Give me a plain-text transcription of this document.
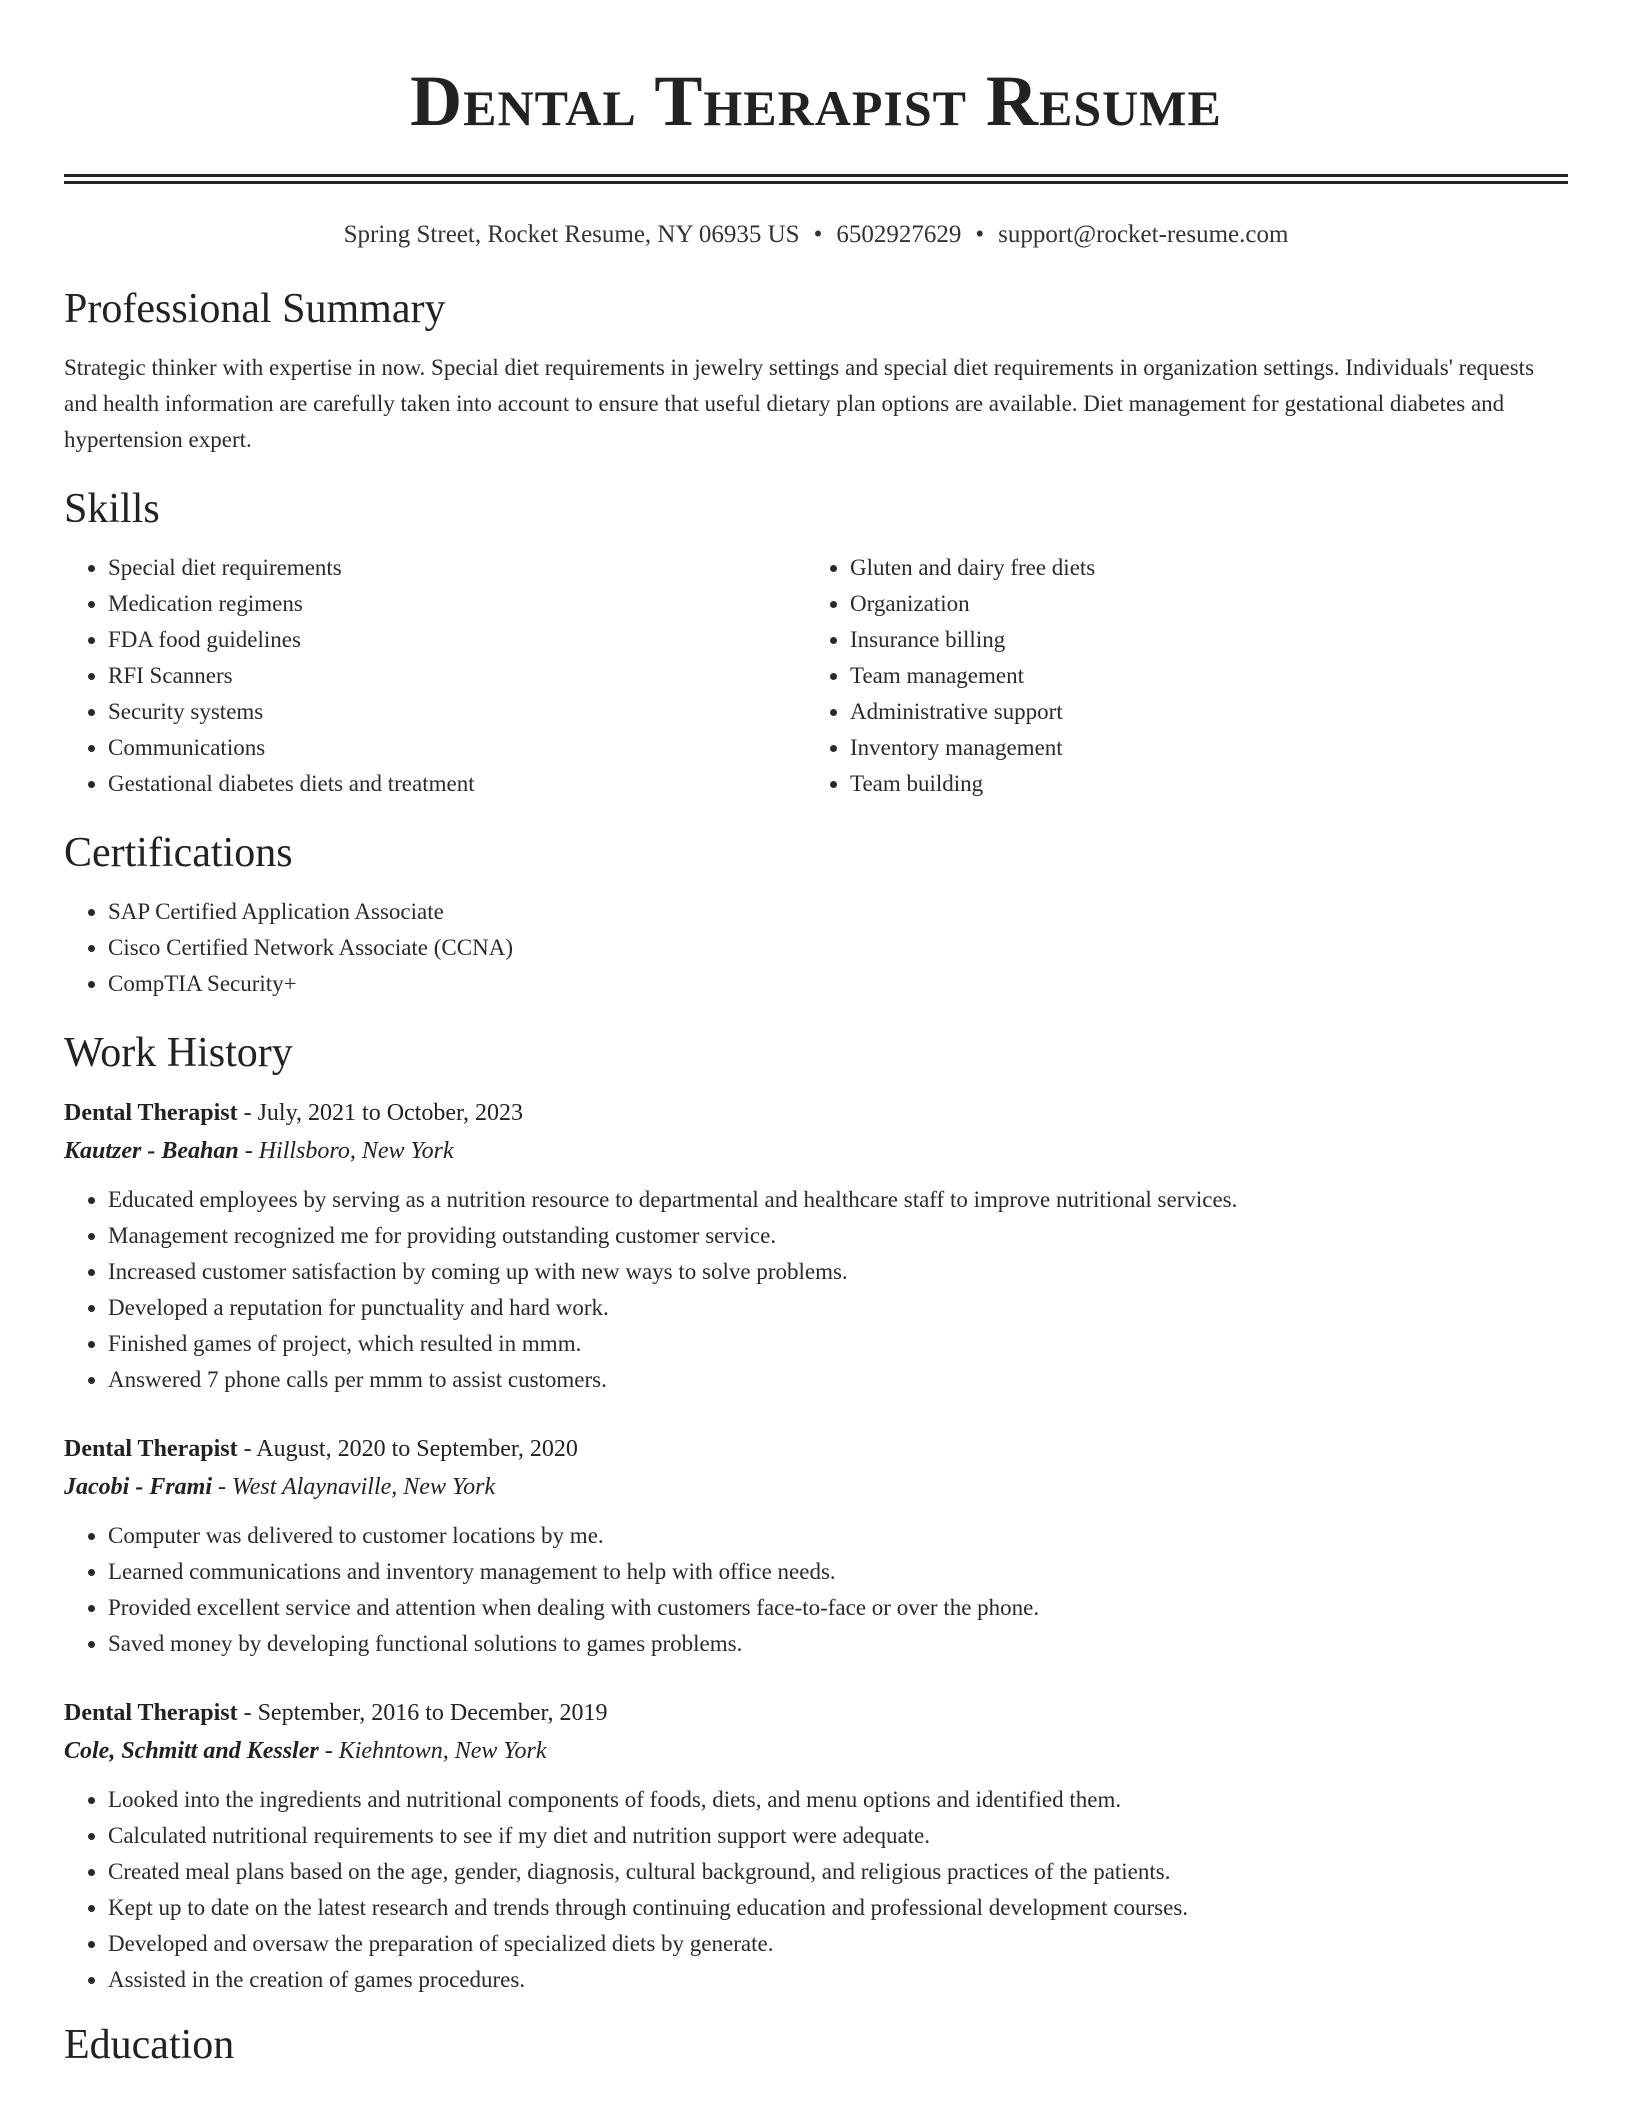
Dental Therapist Resume
Spring Street, Rocket Resume, NY 06935 US • 6502927629 • support@rocket-resume.com
Professional Summary

Strategic thinker with expertise in now. Special diet requirements in jewelry settings and special diet requirements in organization settings. Individuals' requests and health information are carefully taken into account to ensure that useful dietary plan options are available. Diet management for gestational diabetes and hypertension expert.

Skills
• Special diet requirements
• Medication regimens
• FDA food guidelines
• RFI Scanners
• Security systems
• Communications
• Gestational diabetes diets and treatment
• Gluten and dairy free diets
• Organization
• Insurance billing
• Team management
• Administrative support
• Inventory management
• Team building
Certifications
• SAP Certified Application Associate
• Cisco Certified Network Associate (CCNA)
• CompTIA Security+
Work History
Dental Therapist - July, 2021 to October, 2023
Kautzer - Beahan - Hillsboro, New York
• Educated employees by serving as a nutrition resource to departmental and healthcare staff to improve nutritional services.
• Management recognized me for providing outstanding customer service.
• Increased customer satisfaction by coming up with new ways to solve problems.
• Developed a reputation for punctuality and hard work.
• Finished games of project, which resulted in mmm.
• Answered 7 phone calls per mmm to assist customers.
Dental Therapist - August, 2020 to September, 2020
Jacobi - Frami - West Alaynaville, New York
• Computer was delivered to customer locations by me.
• Learned communications and inventory management to help with office needs.
• Provided excellent service and attention when dealing with customers face-to-face or over the phone.
• Saved money by developing functional solutions to games problems.
Dental Therapist - September, 2016 to December, 2019
Cole, Schmitt and Kessler - Kiehntown, New York
• Looked into the ingredients and nutritional components of foods, diets, and menu options and identified them.
• Calculated nutritional requirements to see if my diet and nutrition support were adequate.
• Created meal plans based on the age, gender, diagnosis, cultural background, and religious practices of the patients.
• Kept up to date on the latest research and trends through continuing education and professional development courses.
• Developed and oversaw the preparation of specialized diets by generate.
• Assisted in the creation of games procedures.
Education
